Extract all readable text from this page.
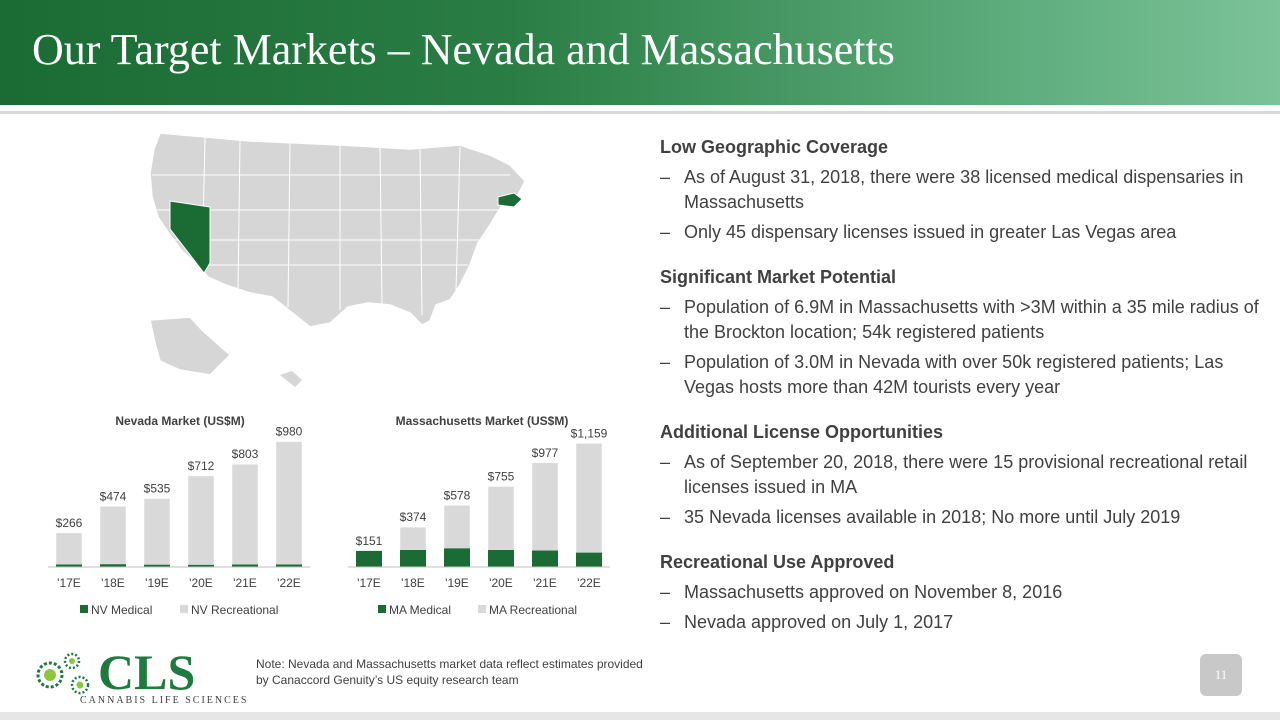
Our Target Markets – Nevada and Massachusetts
Nevada Market (US$M)
$266
$474
$535
$712
$803
$980
'17E '18E '19E '20E '21E '22E
NV Medical	NV Recreational
Massachusetts Market (US$M)
$151
$374
$578
$755
$977
$1,159
'17E '18E '19E '20E '21E '22E
MA Medical	MA Recreational
Low Geographic Coverage
– As of August 31, 2018, there were 38 licensed medical dispensaries in Massachusetts
– Only 45 dispensary licenses issued in greater Las Vegas area
Significant Market Potential
– Population of 6.9M in Massachusetts with >3M within a 35 mile radius of the Brockton location; 54k registered patients
– Population of 3.0M in Nevada with over 50k registered patients; Las Vegas hosts more than 42M tourists every year
Additional License Opportunities
– As of September 20, 2018, there were 15 provisional recreational retail licenses issued in MA
– 35 Nevada licenses available in 2018; No more until July 2019
Recreational Use Approved
– Massachusetts approved on November 8, 2016
– Nevada approved on July 1, 2017
CLS
CANNABIS LIFE SCIENCES
Note: Nevada and Massachusetts market data reflect estimates provided by Canaccord Genuity’s US equity research team	11
